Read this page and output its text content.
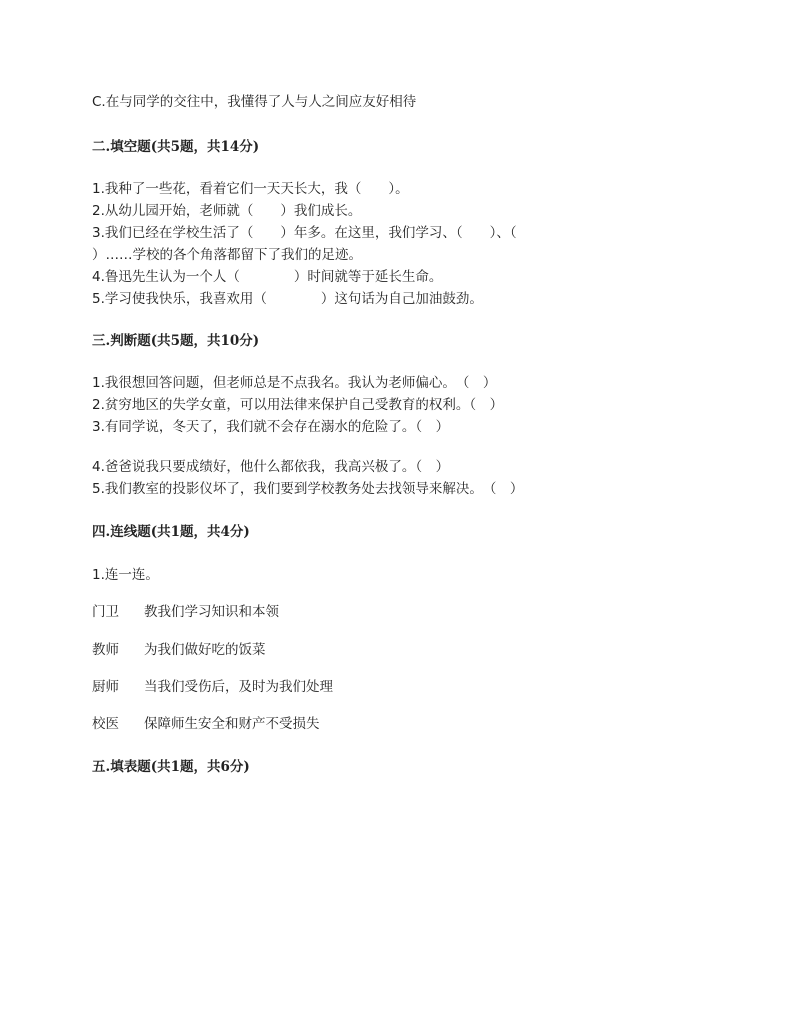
C.在与同学的交往中，我懂得了人与人之间应友好相待
二.填空题(共5题，共14分)
1.我种了一些花，看着它们一天天长大，我（　　）。
2.从幼儿园开始，老师就（　　）我们成长。
3.我们已经在学校生活了（　　）年多。在这里，我们学习、（　　）、（
）……学校的各个角落都留下了我们的足迹。
4.鲁迅先生认为一个人（　　　　）时间就等于延长生命。
5.学习使我快乐，我喜欢用（　　　　）这句话为自己加油鼓劲。
三.判断题(共5题，共10分)
1.我很想回答问题，但老师总是不点我名。我认为老师偏心。　（　）
2.贫穷地区的失学女童，可以用法律来保护自己受教育的权利。（　）
3.有同学说，冬天了，我们就不会存在溺水的危险了。（　）
4.爸爸说我只要成绩好，他什么都依我，我高兴极了。（　）
5.我们教室的投影仪坏了，我们要到学校教务处去找领导来解决。　（　）
四.连线题(共1题，共4分)
1.连一连。
门卫 教我们学习知识和本领
教师 为我们做好吃的饭菜
厨师 当我们受伤后，及时为我们处理
校医 保障师生安全和财产不受损失
五.填表题(共1题，共6分)
